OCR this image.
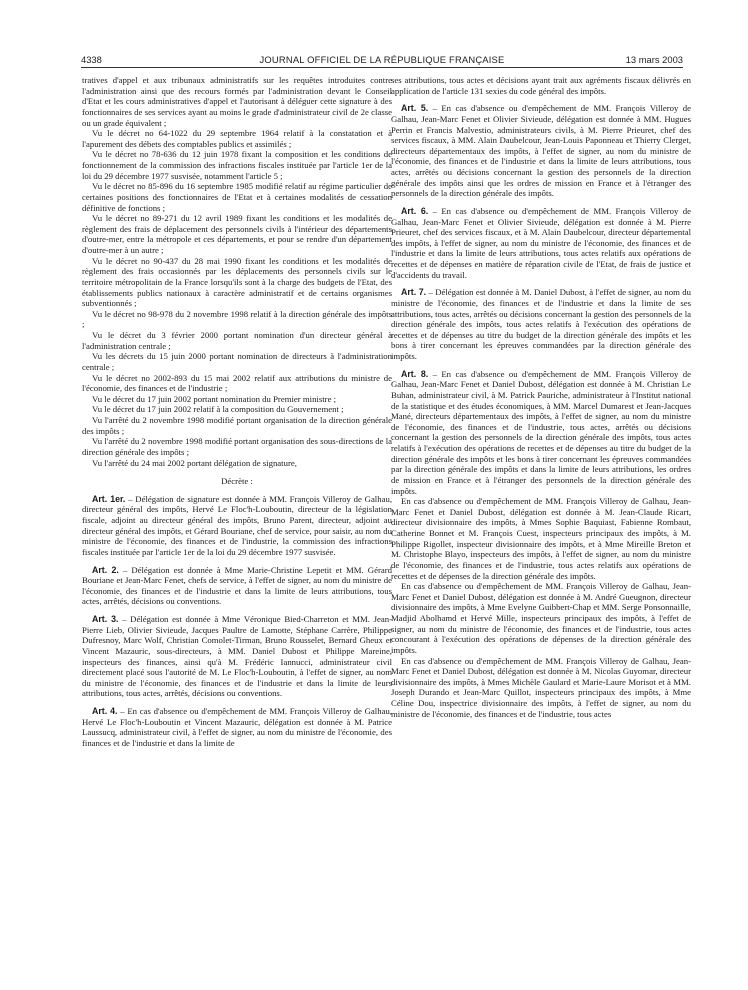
4338	JOURNAL OFFICIEL DE LA RÉPUBLIQUE FRANÇAISE	13 mars 2003

tratives d'appel et aux tribunaux administratifs sur les requêtes introduites contre l'administration ainsi que des recours formés par l'administration devant le Conseil d'Etat et les cours administratives d'appel et l'autorisant à déléguer cette signature à des fonctionnaires de ses services ayant au moins le grade d'administrateur civil de 2e classe ou un grade équivalent ;

Vu le décret no 64-1022 du 29 septembre 1964 relatif à la constatation et à l'apurement des débets des comptables publics et assimilés ;

Vu le décret no 78-636 du 12 juin 1978 fixant la composition et les conditions de fonctionnement de la commission des infractions fiscales instituée par l'article 1er de la loi du 29 décembre 1977 susvisée, notamment l'article 5 ;

Vu le décret no 85-896 du 16 septembre 1985 modifié relatif au régime particulier de certaines positions des fonctionnaires de l'Etat et à certaines modalités de cessation définitive de fonctions ;

Vu le décret no 89-271 du 12 avril 1989 fixant les conditions et les modalités de règlement des frais de déplacement des personnels civils à l'intérieur des départements d'outre-mer, entre la métropole et ces départements, et pour se rendre d'un département d'outre-mer à un autre ;

Vu le décret no 90-437 du 28 mai 1990 fixant les conditions et les modalités de règlement des frais occasionnés par les déplacements des personnels civils sur le territoire métropolitain de la France lorsqu'ils sont à la charge des budgets de l'Etat, des établissements publics nationaux à caractère administratif et de certains organismes subventionnés ;

Vu le décret no 98-978 du 2 novembre 1998 relatif à la direction générale des impôts ;

Vu le décret du 3 février 2000 portant nomination d'un directeur général à l'administration centrale ;

Vu les décrets du 15 juin 2000 portant nomination de directeurs à l'administration centrale ;

Vu le décret no 2002-893 du 15 mai 2002 relatif aux attributions du ministre de l'économie, des finances et de l'industrie ;

Vu le décret du 17 juin 2002 portant nomination du Premier ministre ;

Vu le décret du 17 juin 2002 relatif à la composition du Gouvernement ;

Vu l'arrêté du 2 novembre 1998 modifié portant organisation de la direction générale des impôts ;

Vu l'arrêté du 2 novembre 1998 modifié portant organisation des sous-directions de la direction générale des impôts ;

Vu l'arrêté du 24 mai 2002 portant délégation de signature,

Décrète :

Art. 1er. – Délégation de signature est donnée à MM. François Villeroy de Galhau, directeur général des impôts, Hervé Le Floc'h-Louboutin, directeur de la législation fiscale, adjoint au directeur général des impôts, Bruno Parent, directeur, adjoint au directeur général des impôts, et Gérard Bouriane, chef de service, pour saisir, au nom du ministre de l'économie, des finances et de l'industrie, la commission des infractions fiscales instituée par l'article 1er de la loi du 29 décembre 1977 susvisée.

Art. 2. – Délégation est donnée à Mme Marie-Christine Lepetit et MM. Gérard Bouriane et Jean-Marc Fenet, chefs de service, à l'effet de signer, au nom du ministre de l'économie, des finances et de l'industrie et dans la limite de leurs attributions, tous actes, arrêtés, décisions ou conventions.

Art. 3. – Délégation est donnée à Mme Véronique Bied-Charreton et MM. Jean-Pierre Lieb, Olivier Sivieude, Jacques Paultre de Lamotte, Stéphane Carrère, Philippe Dufresnoy, Marc Wolf, Christian Comolet-Tirman, Bruno Rousselet, Bernard Gheux et Vincent Mazauric, sous-directeurs, à MM. Daniel Dubost et Philippe Mareine, inspecteurs des finances, ainsi qu'à M. Frédéric Iannucci, administrateur civil directement placé sous l'autorité de M. Le Floc'h-Louboutin, à l'effet de signer, au nom du ministre de l'économie, des finances et de l'industrie et dans la limite de leurs attributions, tous actes, arrêtés, décisions ou conventions.

Art. 4. – En cas d'absence ou d'empêchement de MM. François Villeroy de Galhau, Hervé Le Floc'h-Louboutin et Vincent Mazauric, délégation est donnée à M. Patrice Laussucq, administrateur civil, à l'effet de signer, au nom du ministre de l'économie, des finances et de l'industrie et dans la limite de

ses attributions, tous actes et décisions ayant trait aux agréments fiscaux délivrés en application de l'article 131 sexies du code général des impôts.

Art. 5. – En cas d'absence ou d'empêchement de MM. François Villeroy de Galhau, Jean-Marc Fenet et Olivier Sivieude, délégation est donnée à MM. Hugues Perrin et Francis Malvestio, administrateurs civils, à M. Pierre Prieuret, chef des services fiscaux, à MM. Alain Daubelcour, Jean-Louis Paponneau et Thierry Clerget, directeurs départementaux des impôts, à l'effet de signer, au nom du ministre de l'économie, des finances et de l'industrie et dans la limite de leurs attributions, tous actes, arrêtés ou décisions concernant la gestion des personnels de la direction générale des impôts ainsi que les ordres de mission en France et à l'étranger des personnels de la direction générale des impôts.

Art. 6. – En cas d'absence ou d'empêchement de MM. François Villeroy de Galhau, Jean-Marc Fenet et Olivier Sivieude, délégation est donnée à M. Pierre Prieuret, chef des services fiscaux, et à M. Alain Daubelcour, directeur départemental des impôts, à l'effet de signer, au nom du ministre de l'économie, des finances et de l'industrie et dans la limite de leurs attributions, tous actes relatifs aux opérations de recettes et de dépenses en matière de réparation civile de l'Etat, de frais de justice et d'accidents du travail.

Art. 7. – Délégation est donnée à M. Daniel Dubost, à l'effet de signer, au nom du ministre de l'économie, des finances et de l'industrie et dans la limite de ses attributions, tous actes, arrêtés ou décisions concernant la gestion des personnels de la direction générale des impôts, tous actes relatifs à l'exécution des opérations de recettes et de dépenses au titre du budget de la direction générale des impôts et les bons à tirer concernant les épreuves commandées par la direction générale des impôts.

Art. 8. – En cas d'absence ou d'empêchement de MM. François Villeroy de Galhau, Jean-Marc Fenet et Daniel Dubost, délégation est donnée à M. Christian Le Buhan, administrateur civil, à M. Patrick Pauriche, administrateur à l'Institut national de la statistique et des études économiques, à MM. Marcel Dumarest et Jean-Jacques Mané, directeurs départementaux des impôts, à l'effet de signer, au nom du ministre de l'économie, des finances et de l'industrie, tous actes, arrêtés ou décisions concernant la gestion des personnels de la direction générale des impôts, tous actes relatifs à l'exécution des opérations de recettes et de dépenses au titre du budget de la direction générale des impôts et les bons à tirer concernant les épreuves commandées par la direction générale des impôts et dans la limite de leurs attributions, les ordres de mission en France et à l'étranger des personnels de la direction générale des impôts.

En cas d'absence ou d'empêchement de MM. François Villeroy de Galhau, Jean-Marc Fenet et Daniel Dubost, délégation est donnée à M. Jean-Claude Ricart, directeur divisionnaire des impôts, à Mmes Sophie Baquiast, Fabienne Rombaut, Catherine Bonnet et M. François Cuest, inspecteurs principaux des impôts, à M. Philippe Rigollet, inspecteur divisionnaire des impôts, et à Mme Mireille Breton et M. Christophe Blayo, inspecteurs des impôts, à l'effet de signer, au nom du ministre de l'économie, des finances et de l'industrie, tous actes relatifs aux opérations de recettes et de dépenses de la direction générale des impôts.

En cas d'absence ou d'empêchement de MM. François Villeroy de Galhau, Jean-Marc Fenet et Daniel Dubost, délégation est donnée à M. André Gueugnon, directeur divisionnaire des impôts, à Mme Evelyne Guibbert-Chap et MM. Serge Ponsonnaille, Madjid Abolhamd et Hervé Mille, inspecteurs principaux des impôts, à l'effet de signer, au nom du ministre de l'économie, des finances et de l'industrie, tous actes concourant à l'exécution des opérations de dépenses de la direction générale des impôts.

En cas d'absence ou d'empêchement de MM. François Villeroy de Galhau, Jean-Marc Fenet et Daniel Dubost, délégation est donnée à M. Nicolas Guyomar, directeur divisionnaire des impôts, à Mmes Michèle Gaulard et Marie-Laure Morisot et à MM. Joseph Durando et Jean-Marc Quillot, inspecteurs principaux des impôts, à Mme Céline Dou, inspectrice divisionnaire des impôts, à l'effet de signer, au nom du ministre de l'économie, des finances et de l'industrie, tous actes
